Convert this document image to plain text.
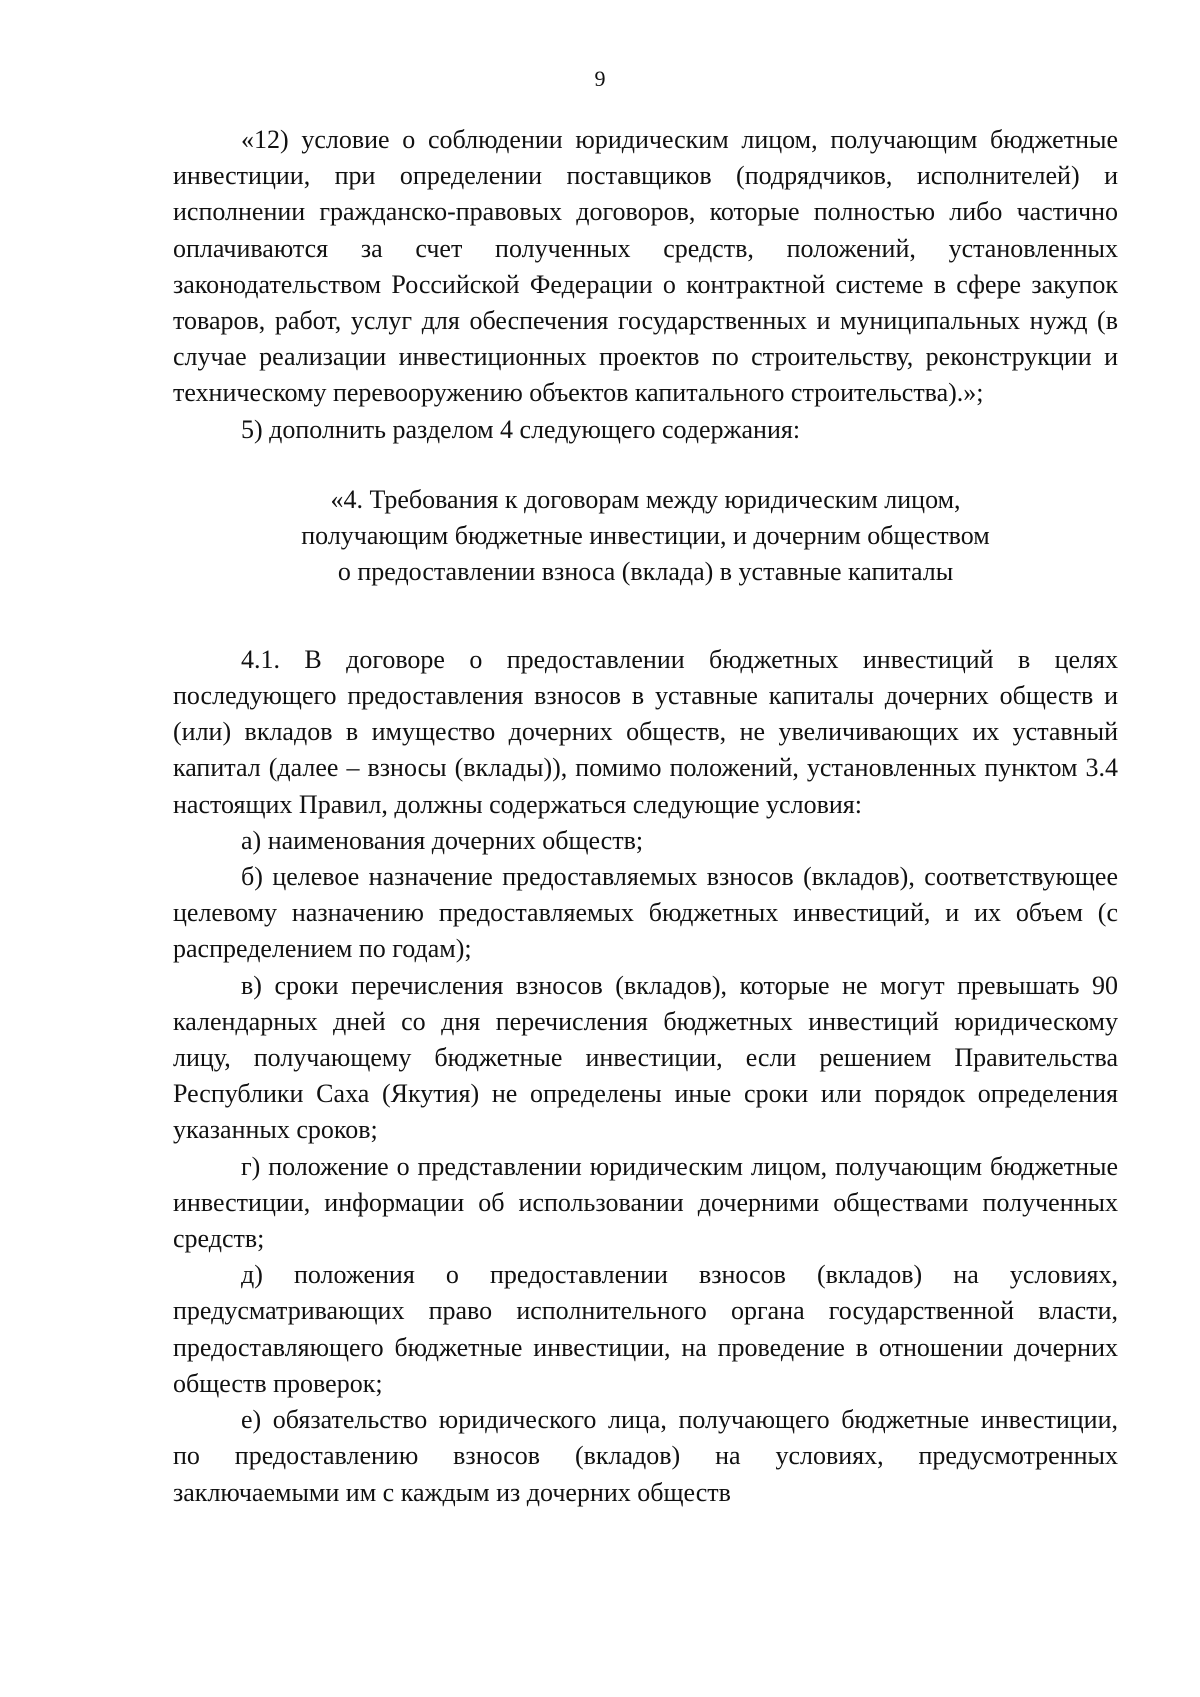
9

«12) условие о соблюдении юридическим лицом, получающим бюджетные инвестиции, при определении поставщиков (подрядчиков, исполнителей) и исполнении гражданско-правовых договоров, которые полностью либо частично оплачиваются за счет полученных средств, положений, установленных законодательством Российской Федерации о контрактной системе в сфере закупок товаров, работ, услуг для обеспечения государственных и муниципальных нужд (в случае реализации инвестиционных проектов по строительству, реконструкции и техническому перевооружению объектов капитального строительства).»;

5) дополнить разделом 4 следующего содержания:

«4. Требования к договорам между юридическим лицом,

получающим бюджетные инвестиции, и дочерним обществом

о предоставлении взноса (вклада) в уставные капиталы

4.1. В договоре о предоставлении бюджетных инвестиций в целях последующего предоставления взносов в уставные капиталы дочерних обществ и (или) вкладов в имущество дочерних обществ, не увеличивающих их уставный капитал (далее – взносы (вклады)), помимо положений, установленных пунктом 3.4 настоящих Правил, должны содержаться следующие условия:

а) наименования дочерних обществ;

б) целевое назначение предоставляемых взносов (вкладов), соответствующее целевому назначению предоставляемых бюджетных инвестиций, и их объем (с распределением по годам);

в) сроки перечисления взносов (вкладов), которые не могут превышать 90 календарных дней со дня перечисления бюджетных инвестиций юридическому лицу, получающему бюджетные инвестиции, если решением Правительства Республики Саха (Якутия) не определены иные сроки или порядок определения указанных сроков;

г) положение о представлении юридическим лицом, получающим бюджетные инвестиции, информации об использовании дочерними обществами полученных средств;

д) положения о предоставлении взносов (вкладов) на условиях, предусматривающих право исполнительного органа государственной власти, предоставляющего бюджетные инвестиции, на проведение в отношении дочерних обществ проверок;

е) обязательство юридического лица, получающего бюджетные инвестиции, по предоставлению взносов (вкладов) на условиях, предусмотренных заключаемыми им с каждым из дочерних обществ
